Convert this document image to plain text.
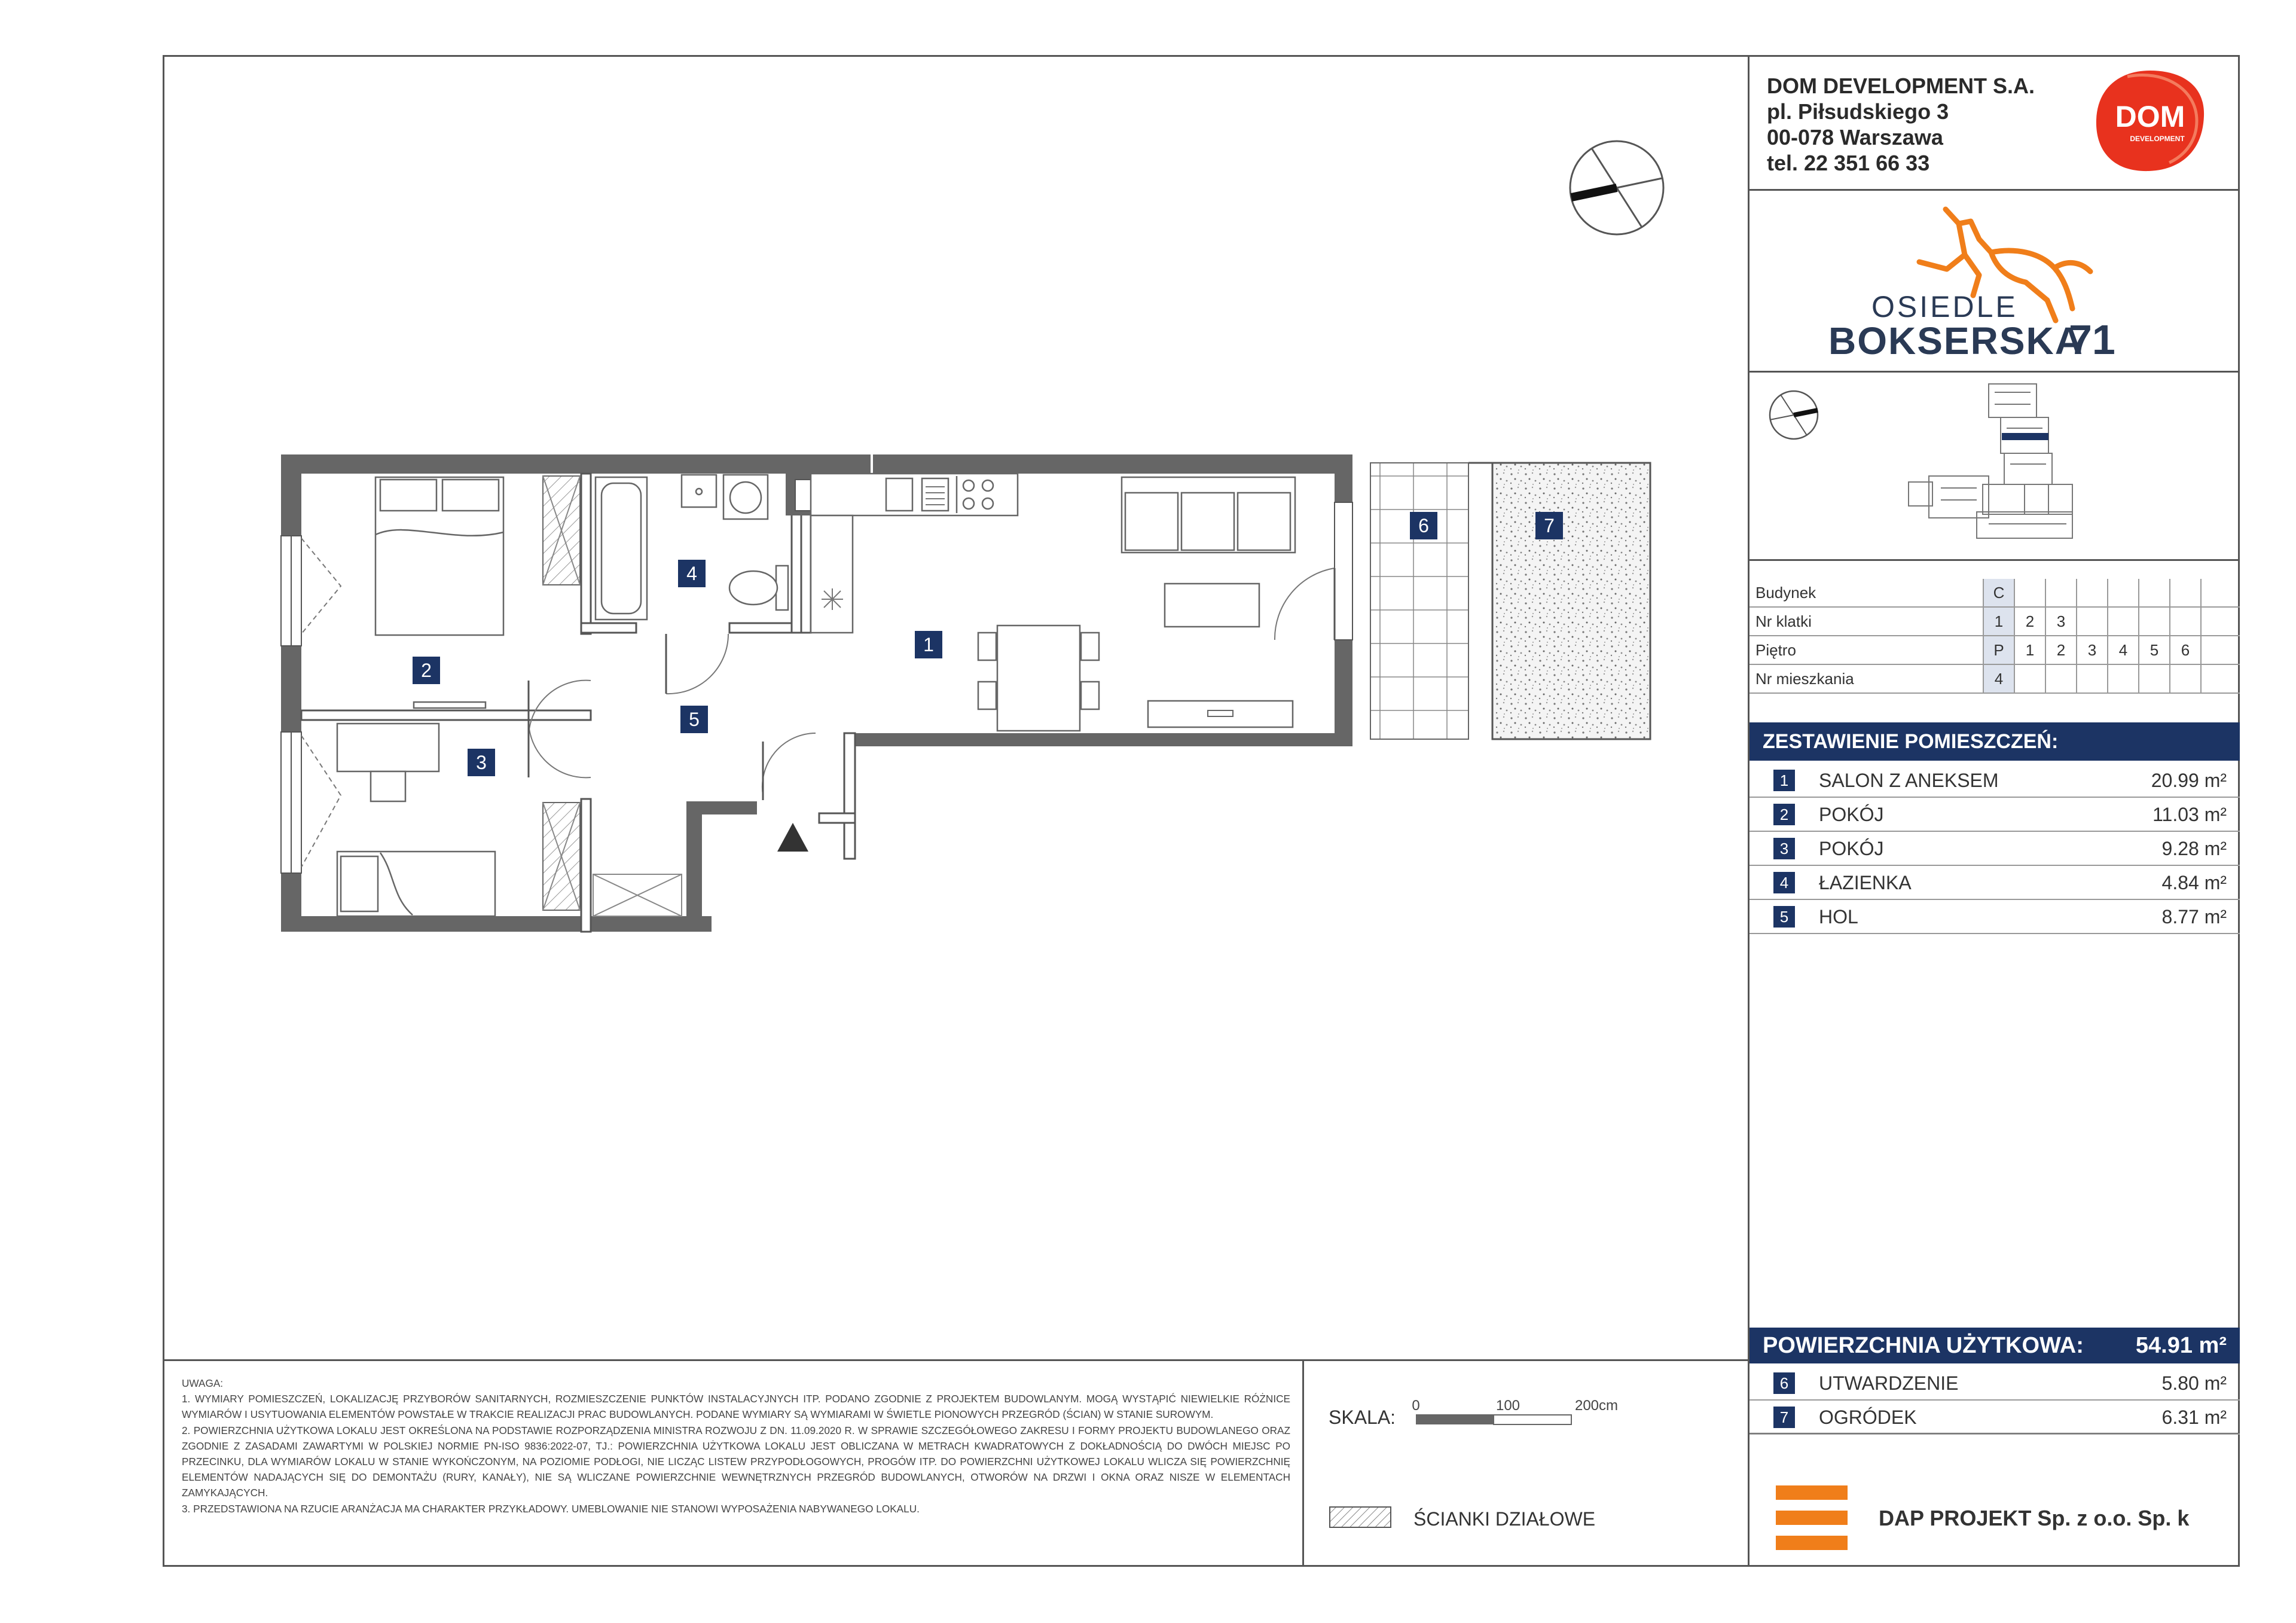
DOM DEVELOPMENT S.A.
pl. Piłsudskiego 3
00-078 Warszawa
tel. 22 351 66 33
DOM
DEVELOPMENT
OSIEDLE
BOKSERSKA
71
Budynek	C
Nr klatki	1	2	3
Piętro	P	1	2	3	4	5	6
Nr mieszkania	4
ZESTAWIENIE POMIESZCZEŃ:
1	SALON Z ANEKSEM	20.99 m²
2	POKÓJ	11.03 m²
3	POKÓJ	9.28 m²
4	ŁAZIENKA	4.84 m²
5	HOL	8.77 m²
POWIERZCHNIA UŻYTKOWA: 54.91 m²
6	UTWARDZENIE	5.80 m²
7	OGRÓDEK	6.31 m²
DAP PROJEKT Sp. z o.o. Sp. k

UWAGA:

1. WYMIARY POMIESZCZEŃ, LOKALIZACJĘ PRZYBORÓW SANITARNYCH, ROZMIESZCZENIE PUNKTÓW INSTALACYJNYCH ITP. PODANO ZGODNIE Z PROJEKTEM BUDOWLANYM. MOGĄ WYSTĄPIĆ NIEWIELKIE RÓŻNICE WYMIARÓW I USYTUOWANIA ELEMENTÓW POWSTAŁE W TRAKCIE REALIZACJI PRAC BUDOWLANYCH. PODANE WYMIARY SĄ WYMIARAMI W ŚWIETLE PIONOWYCH PRZEGRÓD (ŚCIAN) W STANIE SUROWYM.

2. POWIERZCHNIA UŻYTKOWA LOKALU JEST OKREŚLONA NA PODSTAWIE ROZPORZĄDZENIA MINISTRA ROZWOJU Z DN. 11.09.2020 R. W SPRAWIE SZCZEGÓŁOWEGO ZAKRESU I FORMY PROJEKTU BUDOWLANEGO ORAZ ZGODNIE Z ZASADAMI ZAWARTYMI W POLSKIEJ NORMIE PN-ISO 9836:2022-07, TJ.: POWIERZCHNIA UŻYTKOWA LOKALU JEST OBLICZANA W METRACH KWADRATOWYCH Z DOKŁADNOŚCIĄ DO DWÓCH MIEJSC PO PRZECINKU, DLA WYMIARÓW LOKALU W STANIE WYKOŃCZONYM, NA POZIOMIE PODŁOGI, NIE LICZĄC LISTEW PRZYPODŁOGOWYCH, PROGÓW ITP. DO POWIERZCHNI UŻYTKOWEJ LOKALU WLICZA SIĘ POWIERZCHNIĘ ELEMENTÓW NADAJĄCYCH SIĘ DO DEMONTAŻU (RURY, KANAŁY), NIE SĄ WLICZANE POWIERZCHNIE WEWNĘTRZNYCH PRZEGRÓD BUDOWLANYCH, OTWORÓW NA DRZWI I OKNA ORAZ NISZE W ELEMENTACH ZAMYKAJĄCYCH.

3. PRZEDSTAWIONA NA RZUCIE ARANŻACJA MA CHARAKTER PRZYKŁADOWY. UMEBLOWANIE NIE STANOWI WYPOSAŻENIA NABYWANEGO LOKALU.

SKALA:
0	100	200cm
ŚCIANKI DZIAŁOWE
1
2
3
4
5
6	7
